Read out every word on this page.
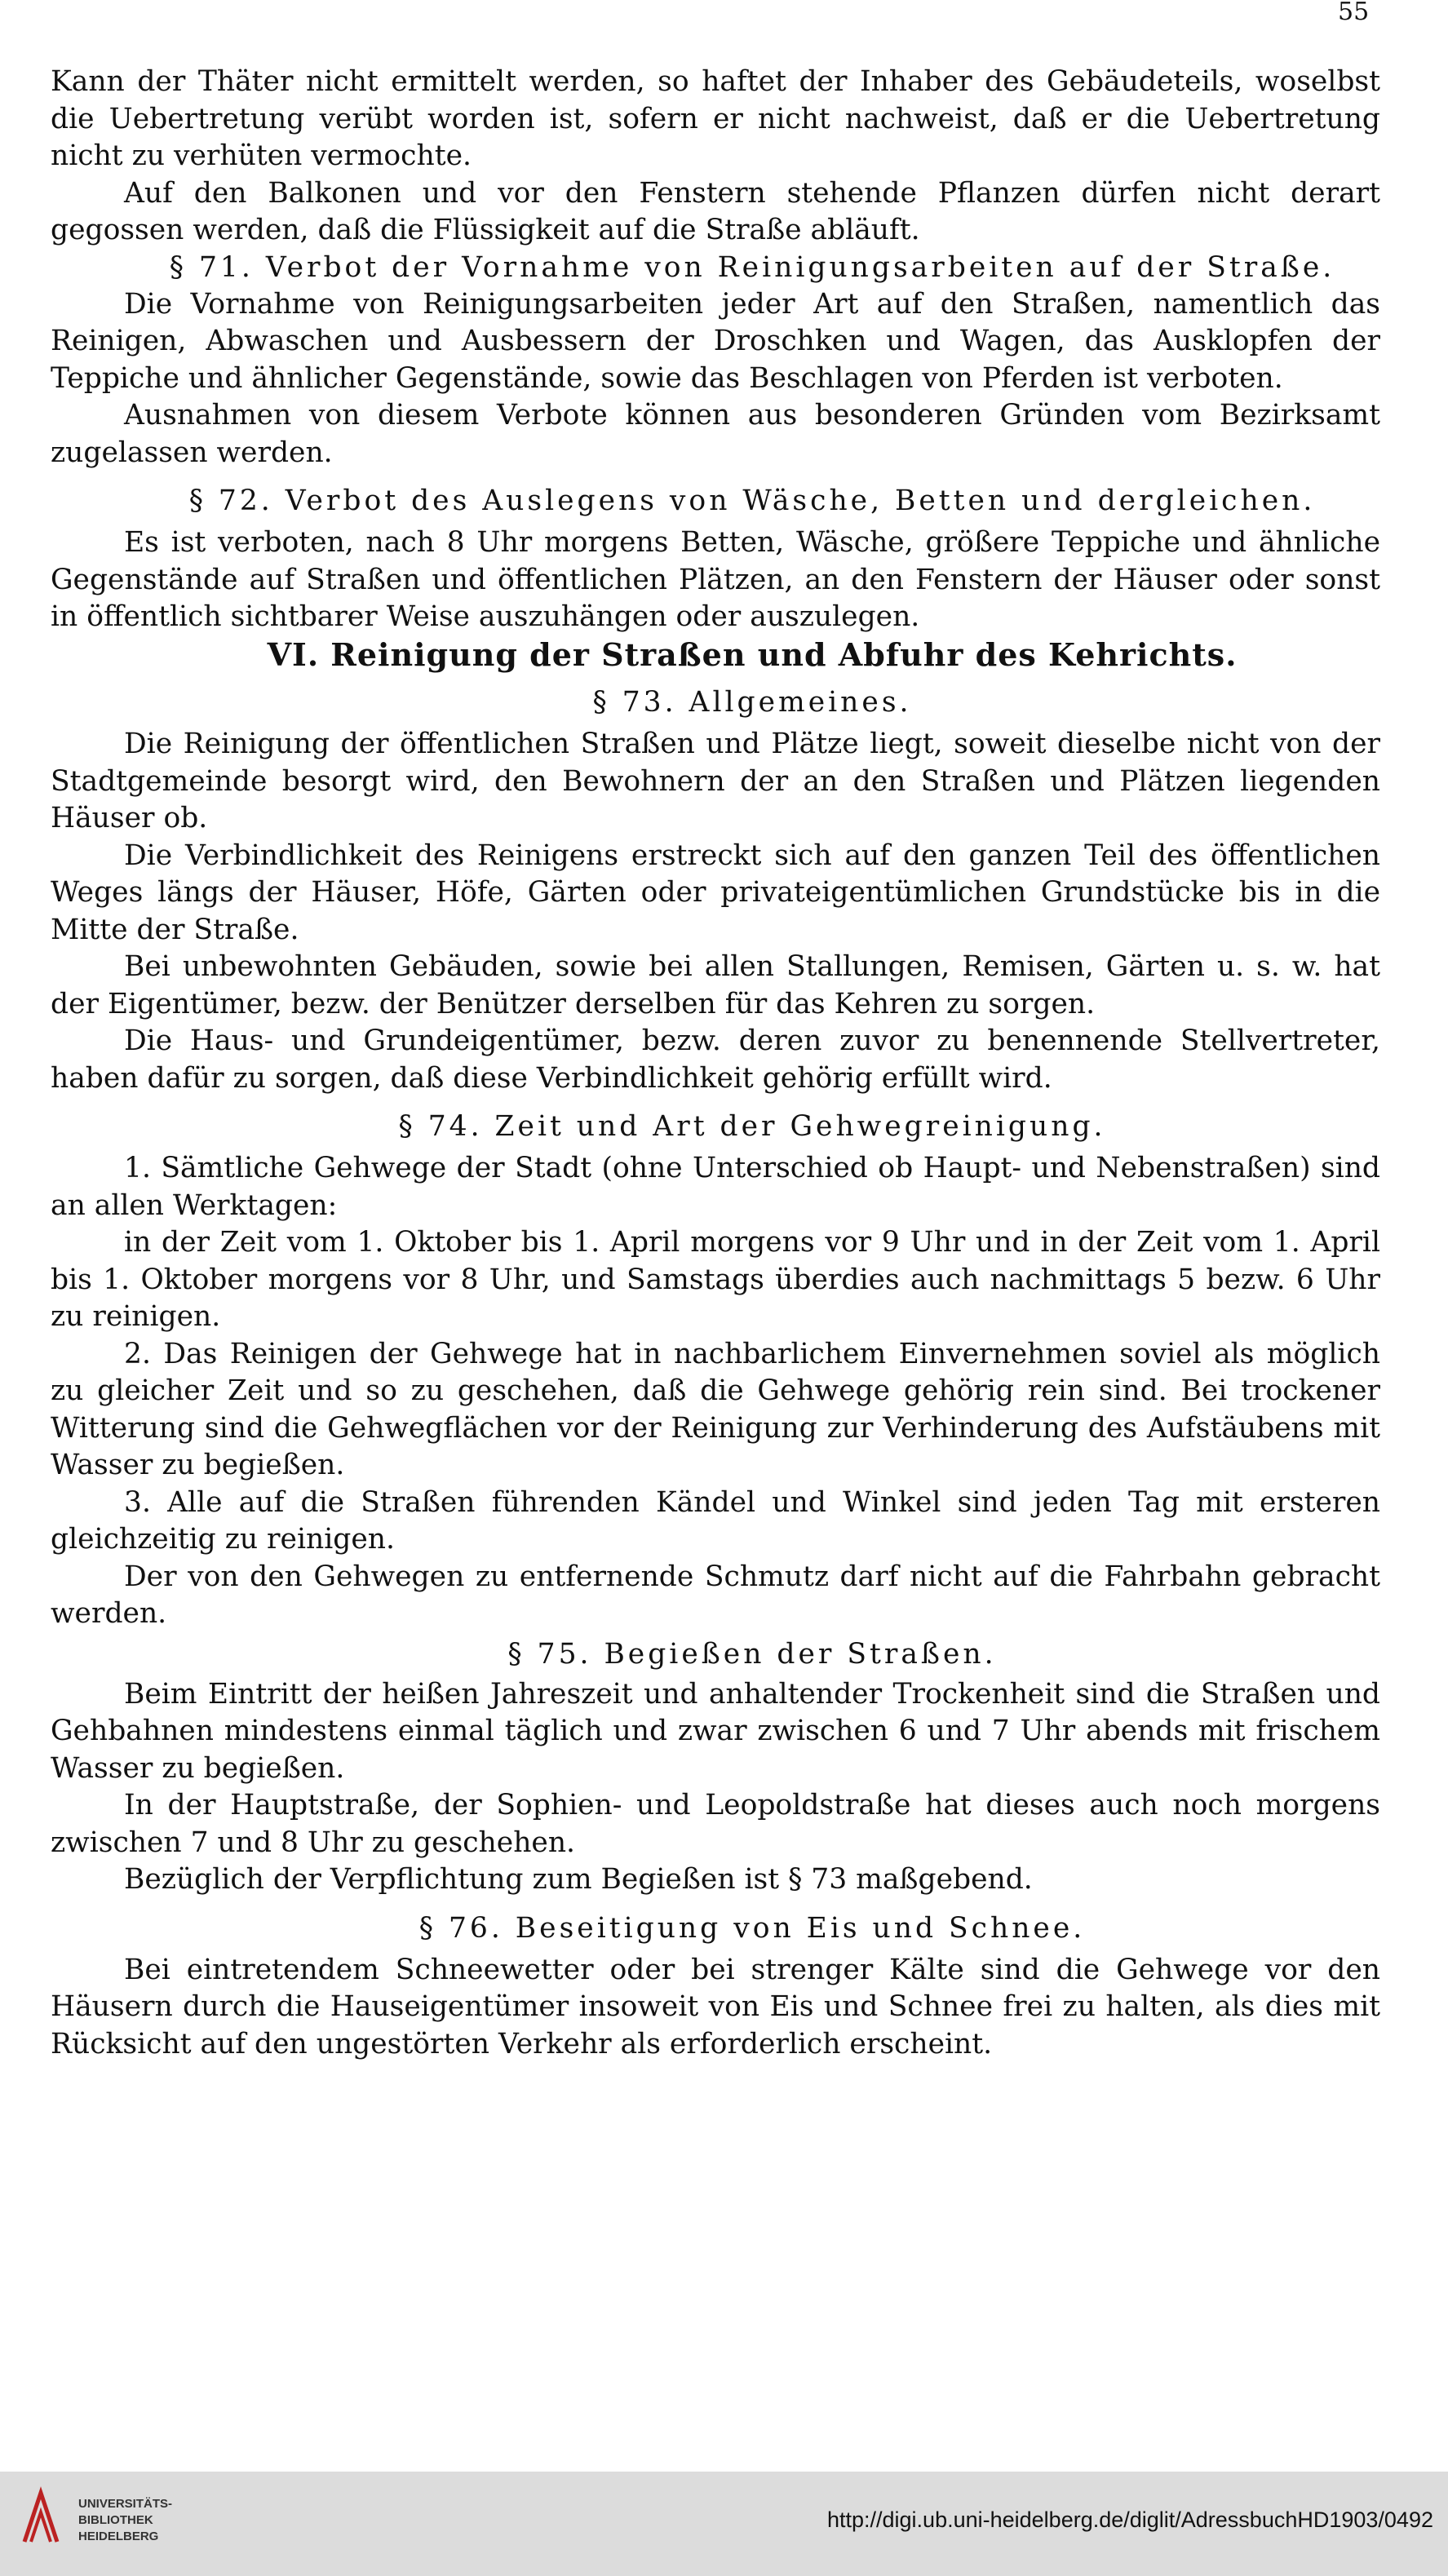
55

Kann der Thäter nicht ermittelt werden, so haftet der Inhaber des Gebäudeteils, woselbst die Uebertretung verübt worden ist, sofern er nicht nachweist, daß er die Uebertretung nicht zu verhüten vermochte.

Auf den Balkonen und vor den Fenstern stehende Pflanzen dürfen nicht derart gegossen werden, daß die Flüssigkeit auf die Straße abläuft.

§ 71. Verbot der Vornahme von Reinigungsarbeiten auf der Straße.

Die Vornahme von Reinigungsarbeiten jeder Art auf den Straßen, namentlich das Reinigen, Abwaschen und Ausbessern der Droschken und Wagen, das Ausklopfen der Teppiche und ähnlicher Gegenstände, sowie das Beschlagen von Pferden ist verboten.

Ausnahmen von diesem Verbote können aus besonderen Gründen vom Bezirksamt zugelassen werden.

§ 72. Verbot des Auslegens von Wäsche, Betten und dergleichen.

Es ist verboten, nach 8 Uhr morgens Betten, Wäsche, größere Teppiche und ähnliche Gegenstände auf Straßen und öffentlichen Plätzen, an den Fenstern der Häuser oder sonst in öffentlich sichtbarer Weise auszuhängen oder auszulegen.

VI. Reinigung der Straßen und Abfuhr des Kehrichts.

§ 73. Allgemeines.

Die Reinigung der öffentlichen Straßen und Plätze liegt, soweit dieselbe nicht von der Stadtgemeinde besorgt wird, den Bewohnern der an den Straßen und Plätzen liegenden Häuser ob.

Die Verbindlichkeit des Reinigens erstreckt sich auf den ganzen Teil des öffentlichen Weges längs der Häuser, Höfe, Gärten oder privateigentümlichen Grundstücke bis in die Mitte der Straße.

Bei unbewohnten Gebäuden, sowie bei allen Stallungen, Remisen, Gärten u. s. w. hat der Eigentümer, bezw. der Benützer derselben für das Kehren zu sorgen.

Die Haus- und Grundeigentümer, bezw. deren zuvor zu benennende Stellvertreter, haben dafür zu sorgen, daß diese Verbindlichkeit gehörig erfüllt wird.

§ 74. Zeit und Art der Gehwegreinigung.

1. Sämtliche Gehwege der Stadt (ohne Unterschied ob Haupt- und Nebenstraßen) sind an allen Werktagen:

in der Zeit vom 1. Oktober bis 1. April morgens vor 9 Uhr und in der Zeit vom 1. April bis 1. Oktober morgens vor 8 Uhr, und Samstags überdies auch nachmittags 5 bezw. 6 Uhr zu reinigen.

2. Das Reinigen der Gehwege hat in nachbarlichem Einvernehmen soviel als möglich zu gleicher Zeit und so zu geschehen, daß die Gehwege gehörig rein sind. Bei trockener Witterung sind die Gehwegflächen vor der Reinigung zur Verhinderung des Aufstäubens mit Wasser zu begießen.

3. Alle auf die Straßen führenden Kändel und Winkel sind jeden Tag mit ersteren gleichzeitig zu reinigen.

Der von den Gehwegen zu entfernende Schmutz darf nicht auf die Fahrbahn gebracht werden.

§ 75. Begießen der Straßen.

Beim Eintritt der heißen Jahreszeit und anhaltender Trockenheit sind die Straßen und Gehbahnen mindestens einmal täglich und zwar zwischen 6 und 7 Uhr abends mit frischem Wasser zu begießen.

In der Hauptstraße, der Sophien- und Leopoldstraße hat dieses auch noch morgens zwischen 7 und 8 Uhr zu geschehen.

Bezüglich der Verpflichtung zum Begießen ist § 73 maßgebend.

§ 76. Beseitigung von Eis und Schnee.

Bei eintretendem Schneewetter oder bei strenger Kälte sind die Gehwege vor den Häusern durch die Hauseigentümer insoweit von Eis und Schnee frei zu halten, als dies mit Rücksicht auf den ungestörten Verkehr als erforderlich erscheint.

UNIVERSITÄTS-
BIBLIOTHEK
HEIDELBERG
http://digi.ub.uni-heidelberg.de/diglit/AdressbuchHD1903/0492
